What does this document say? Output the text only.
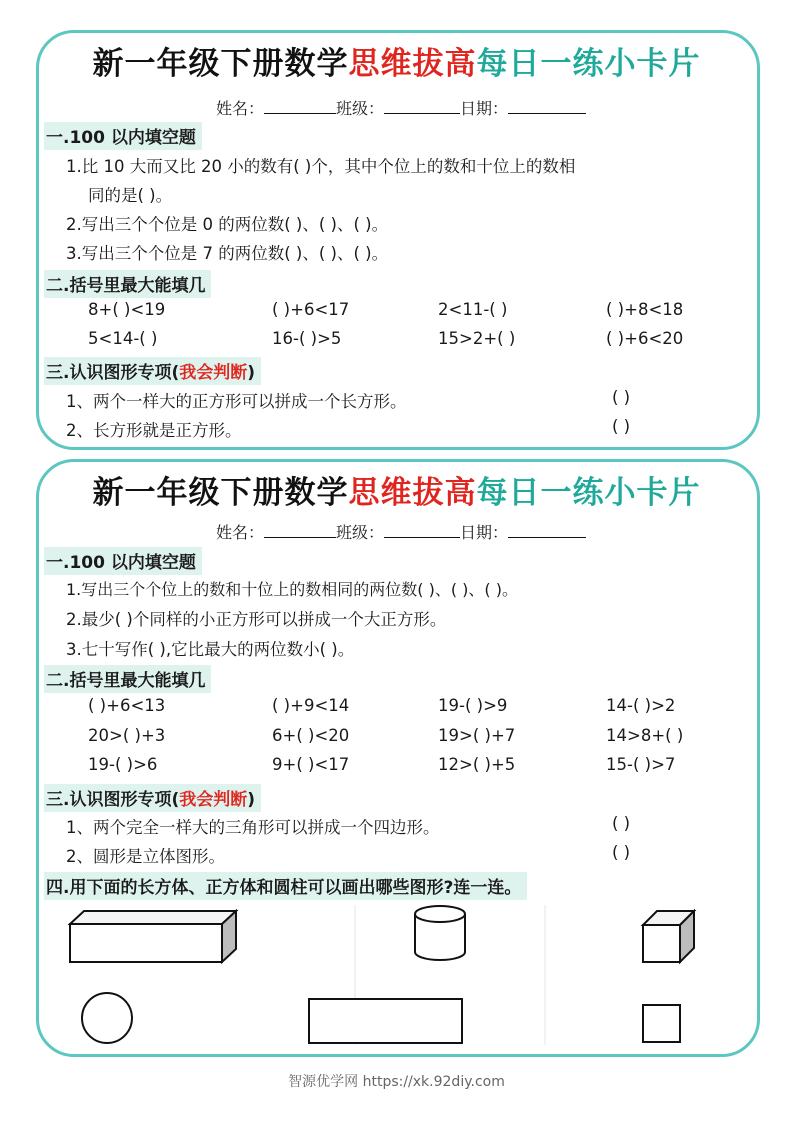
新一年级下册数学思维拔高每日一练小卡片
姓名：	班级：	日期：
一.100 以内填空题
1.比 10 大而又比 20 小的数有( )个，其中个位上的数和十位上的数相
同的是( )。
2.写出三个个位是 0 的两位数( )、( )、( )。
3.写出三个个位是 7 的两位数( )、( )、( )。
二.括号里最大能填几
8+( )<19	( )+6<17	2<11-( )	( )+8<18
5<14-( )	16-( )>5	15>2+( )	( )+6<20
三.认识图形专项(我会判断)
1、两个一样大的正方形可以拼成一个长方形。	( )
2、长方形就是正方形。	( )
新一年级下册数学思维拔高每日一练小卡片
姓名：	班级：	日期：
一.100 以内填空题
1.写出三个个位上的数和十位上的数相同的两位数( )、( )、( )。
2.最少( )个同样的小正方形可以拼成一个大正方形。
3.七十写作( ),它比最大的两位数小( )。
二.括号里最大能填几
( )+6<13	( )+9<14	19-( )>9	14-( )>2
20>( )+3	6+( )<20	19>( )+7	14>8+( )
19-( )>6	9+( )<17	12>( )+5	15-( )>7
三.认识图形专项(我会判断)
1、两个完全一样大的三角形可以拼成一个四边形。	( )
2、圆形是立体图形。	( )
四.用下面的长方体、正方体和圆柱可以画出哪些图形?连一连。
智源优学网 https://xk.92diy.com
